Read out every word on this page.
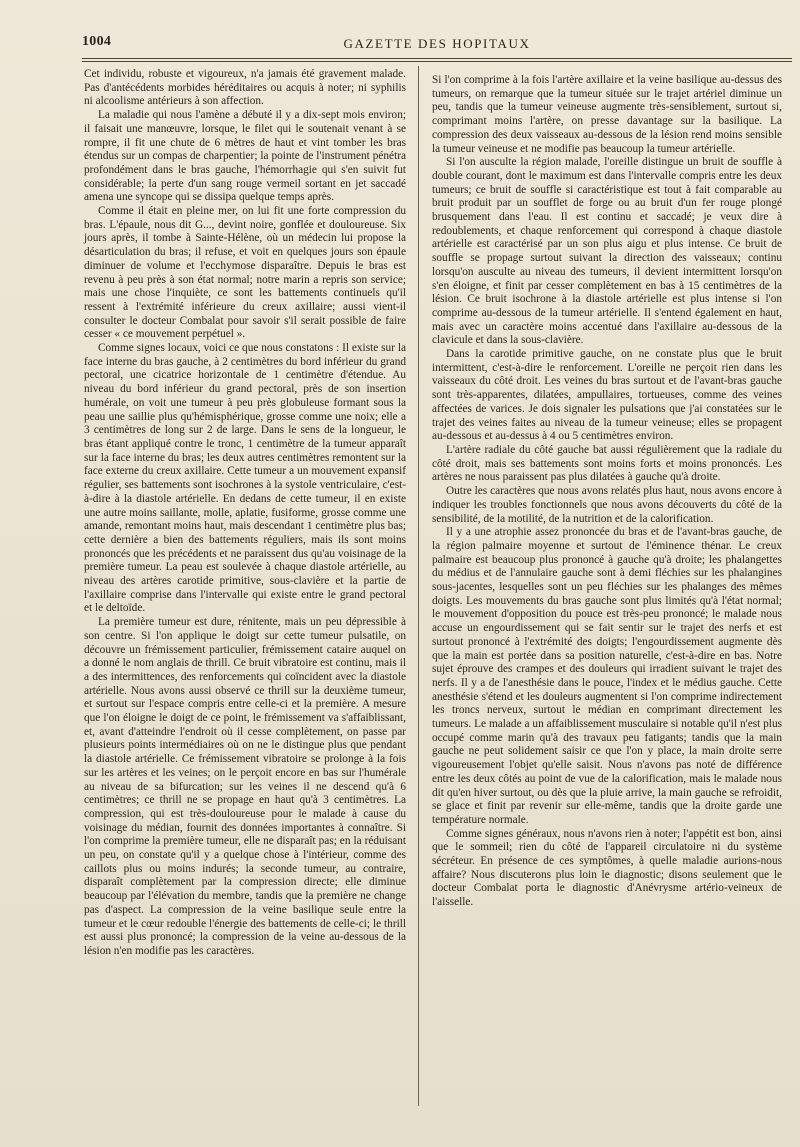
1004	GAZETTE DES HOPITAUX

Cet individu, robuste et vigoureux, n'a jamais été gravement malade. Pas d'antécédents morbides héréditaires ou acquis à noter; ni syphilis ni alcoolisme antérieurs à son affection.

La maladie qui nous l'amène a débuté il y a dix-sept mois environ; il faisait une manœuvre, lorsque, le filet qui le soutenait venant à se rompre, il fit une chute de 6 mètres de haut et vint tomber les bras étendus sur un compas de charpentier; la pointe de l'instrument pénétra profondément dans le bras gauche, l'hémorrhagie qui s'en suivit fut considérable; la perte d'un sang rouge vermeil sortant en jet saccadé amena une syncope qui se dissipa quelque temps après.

Comme il était en pleine mer, on lui fit une forte compression du bras. L'épaule, nous dit G..., devint noire, gonflée et douloureuse. Six jours après, il tombe à Sainte-Hélène, où un médecin lui propose la désarticulation du bras; il refuse, et voit en quelques jours son épaule diminuer de volume et l'ecchymose disparaître. Depuis le bras est revenu à peu près à son état normal; notre marin a repris son service; mais une chose l'inquiète, ce sont les battements continuels qu'il ressent à l'extrémité inférieure du creux axillaire; aussi vient-il consulter le docteur Combalat pour savoir s'il serait possible de faire cesser « ce mouvement perpétuel ».

Comme signes locaux, voici ce que nous constatons : Il existe sur la face interne du bras gauche, à 2 centimètres du bord inférieur du grand pectoral, une cicatrice horizontale de 1 centimètre d'étendue. Au niveau du bord inférieur du grand pectoral, près de son insertion humérale, on voit une tumeur à peu près globuleuse formant sous la peau une saillie plus qu'hémisphérique, grosse comme une noix; elle a 3 centimètres de long sur 2 de large. Dans le sens de la longueur, le bras étant appliqué contre le tronc, 1 centimètre de la tumeur apparaît sur la face interne du bras; les deux autres centimètres remontent sur la face externe du creux axillaire. Cette tumeur a un mouvement expansif régulier, ses battements sont isochrones à la systole ventriculaire, c'est-à-dire à la diastole artérielle. En dedans de cette tumeur, il en existe une autre moins saillante, molle, aplatie, fusiforme, grosse comme une amande, remontant moins haut, mais descendant 1 centimètre plus bas; cette dernière a bien des battements réguliers, mais ils sont moins prononcés que les précédents et ne paraissent dus qu'au voisinage de la première tumeur. La peau est soulevée à chaque diastole artérielle, au niveau des artères carotide primitive, sous-clavière et la partie de l'axillaire comprise dans l'intervalle qui existe entre le grand pectoral et le deltoïde.

La première tumeur est dure, rénitente, mais un peu dépressible à son centre. Si l'on applique le doigt sur cette tumeur pulsatile, on découvre un frémissement particulier, frémissement cataire auquel on a donné le nom anglais de thrill. Ce bruit vibratoire est continu, mais il a des intermittences, des renforcements qui coïncident avec la diastole artérielle. Nous avons aussi observé ce thrill sur la deuxième tumeur, et surtout sur l'espace compris entre celle-ci et la première. A mesure que l'on éloigne le doigt de ce point, le frémissement va s'affaiblissant, et, avant d'atteindre l'endroit où il cesse complètement, on passe par plusieurs points intermédiaires où on ne le distingue plus que pendant la diastole artérielle. Ce frémissement vibratoire se prolonge à la fois sur les artères et les veines; on le perçoit encore en bas sur l'humérale au niveau de sa bifurcation; sur les veines il ne descend qu'à 6 centimètres; ce thrill ne se propage en haut qu'à 3 centimètres. La compression, qui est très-douloureuse pour le malade à cause du voisinage du médian, fournit des données importantes à connaître. Si l'on comprime la première tumeur, elle ne disparaît pas; en la réduisant un peu, on constate qu'il y a quelque chose à l'intérieur, comme des caillots plus ou moins indurés; la seconde tumeur, au contraire, disparaît complètement par la compression directe; elle diminue beaucoup par l'élévation du membre, tandis que la première ne change pas d'aspect. La compression de la veine basilique seule entre la tumeur et le cœur redouble l'énergie des battements de celle-ci; le thrill est aussi plus prononcé; la compression de la veine au-dessous de la lésion n'en modifie pas les caractères.

Si l'on comprime à la fois l'artère axillaire et la veine basilique au-dessus des tumeurs, on remarque que la tumeur située sur le trajet artériel diminue un peu, tandis que la tumeur veineuse augmente très-sensiblement, surtout si, comprimant moins l'artère, on presse davantage sur la basilique. La compression des deux vaisseaux au-dessous de la lésion rend moins sensible la tumeur veineuse et ne modifie pas beaucoup la tumeur artérielle.

Si l'on ausculte la région malade, l'oreille distingue un bruit de souffle à double courant, dont le maximum est dans l'intervalle compris entre les deux tumeurs; ce bruit de souffle si caractéristique est tout à fait comparable au bruit produit par un soufflet de forge ou au bruit d'un fer rouge plongé brusquement dans l'eau. Il est continu et saccadé; je veux dire à redoublements, et chaque renforcement qui correspond à chaque diastole artérielle est caractérisé par un son plus aigu et plus intense. Ce bruit de souffle se propage surtout suivant la direction des vaisseaux; continu lorsqu'on ausculte au niveau des tumeurs, il devient intermittent lorsqu'on s'en éloigne, et finit par cesser complètement en bas à 15 centimètres de la lésion. Ce bruit isochrone à la diastole artérielle est plus intense si l'on comprime au-dessous de la tumeur artérielle. Il s'entend également en haut, mais avec un caractère moins accentué dans l'axillaire au-dessous de la clavicule et dans la sous-clavière.

Dans la carotide primitive gauche, on ne constate plus que le bruit intermittent, c'est-à-dire le renforcement. L'oreille ne perçoit rien dans les vaisseaux du côté droit. Les veines du bras surtout et de l'avant-bras gauche sont très-apparentes, dilatées, ampullaires, tortueuses, comme des veines affectées de varices. Je dois signaler les pulsations que j'ai constatées sur le trajet des veines faites au niveau de la tumeur veineuse; elles se propagent au-dessous et au-dessus à 4 ou 5 centimètres environ.

L'artère radiale du côté gauche bat aussi régulièrement que la radiale du côté droit, mais ses battements sont moins forts et moins prononcés. Les artères ne nous paraissent pas plus dilatées à gauche qu'à droite.

Outre les caractères que nous avons relatés plus haut, nous avons encore à indiquer les troubles fonctionnels que nous avons découverts du côté de la sensibilité, de la motilité, de la nutrition et de la calorification.

Il y a une atrophie assez prononcée du bras et de l'avant-bras gauche, de la région palmaire moyenne et surtout de l'éminence thénar. Le creux palmaire est beaucoup plus prononcé à gauche qu'à droite; les phalangettes du médius et de l'annulaire gauche sont à demi fléchies sur les phalangines sous-jacentes, lesquelles sont un peu fléchies sur les phalanges des mêmes doigts. Les mouvements du bras gauche sont plus limités qu'à l'état normal; le mouvement d'opposition du pouce est très-peu prononcé; le malade nous accuse un engourdissement qui se fait sentir sur le trajet des nerfs et est surtout prononcé à l'extrémité des doigts; l'engourdissement augmente dès que la main est portée dans sa position naturelle, c'est-à-dire en bas. Notre sujet éprouve des crampes et des douleurs qui irradient suivant le trajet des nerfs. Il y a de l'anesthésie dans le pouce, l'index et le médius gauche. Cette anesthésie s'étend et les douleurs augmentent si l'on comprime indirectement les troncs nerveux, surtout le médian en comprimant directement les tumeurs. Le malade a un affaiblissement musculaire si notable qu'il n'est plus occupé comme marin qu'à des travaux peu fatigants; tandis que la main gauche ne peut solidement saisir ce que l'on y place, la main droite serre vigoureusement l'objet qu'elle saisit. Nous n'avons pas noté de différence entre les deux côtés au point de vue de la calorification, mais le malade nous dit qu'en hiver surtout, ou dès que la pluie arrive, la main gauche se refroidit, se glace et finit par revenir sur elle-même, tandis que la droite garde une température normale.

Comme signes généraux, nous n'avons rien à noter; l'appétit est bon, ainsi que le sommeil; rien du côté de l'appareil circulatoire ni du système sécréteur. En présence de ces symptômes, à quelle maladie aurions-nous affaire? Nous discuterons plus loin le diagnostic; disons seulement que le docteur Combalat porta le diagnostic d'Anévrysme artério-veineux de l'aisselle.
